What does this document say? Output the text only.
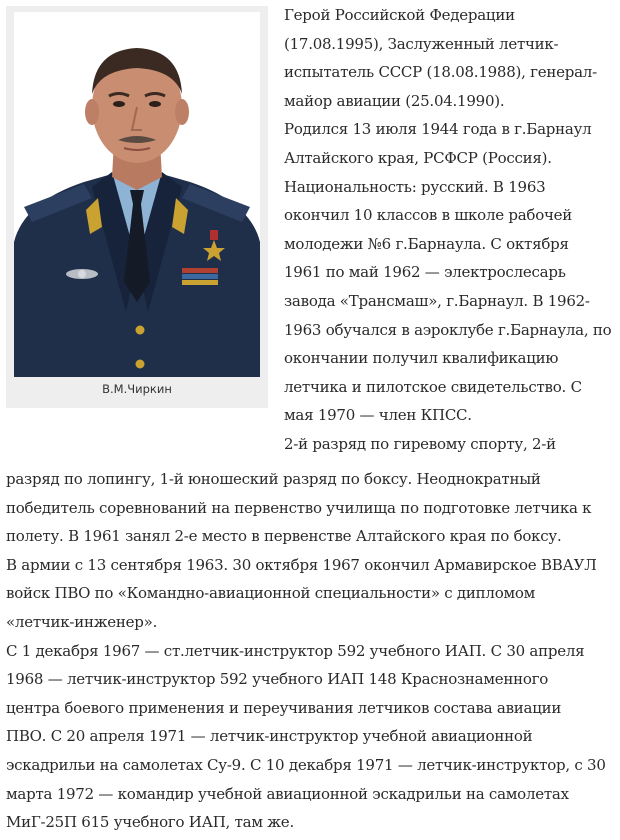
В.М.Чиркин
Герой Российской Федерации
(17.08.1995), Заслуженный летчик-
испытатель СССР (18.08.1988), генерал-
майор авиации (25.04.1990).
Родился 13 июля 1944 года в г.Барнаул
Алтайского края, РСФСР (Россия).
Национальность: русский. В 1963
окончил 10 классов в школе рабочей
молодежи №6 г.Барнаула. С октября
1961 по май 1962 — электрослесарь
завода «Трансмаш», г.Барнаул. В 1962-
1963 обучался в аэроклубе г.Барнаула, по
окончании получил квалификацию
летчика и пилотское свидетельство. С
мая 1970 — член КПСС.
2-й разряд по гиревому спорту, 2-й
разряд по лопингу, 1-й юношеский разряд по боксу. Неоднократный
победитель соревнований на первенство училища по подготовке летчика к
полету. В 1961 занял 2-е место в первенстве Алтайского края по боксу.
В армии с 13 сентября 1963. 30 октября 1967 окончил Армавирское ВВАУЛ
войск ПВО по «Командно-авиационной специальности» с дипломом
«летчик-инженер».
С 1 декабря 1967 — ст.летчик-инструктор 592 учебного ИАП. С 30 апреля
1968 — летчик-инструктор 592 учебного ИАП 148 Краснознаменного
центра боевого применения и переучивания летчиков состава авиации
ПВО. С 20 апреля 1971 — летчик-инструктор учебной авиационной
эскадрильи на самолетах Су-9. С 10 декабря 1971 — летчик-инструктор, с 30
марта 1972 — командир учебной авиационной эскадрильи на самолетах
МиГ-25П 615 учебного ИАП, там же.
